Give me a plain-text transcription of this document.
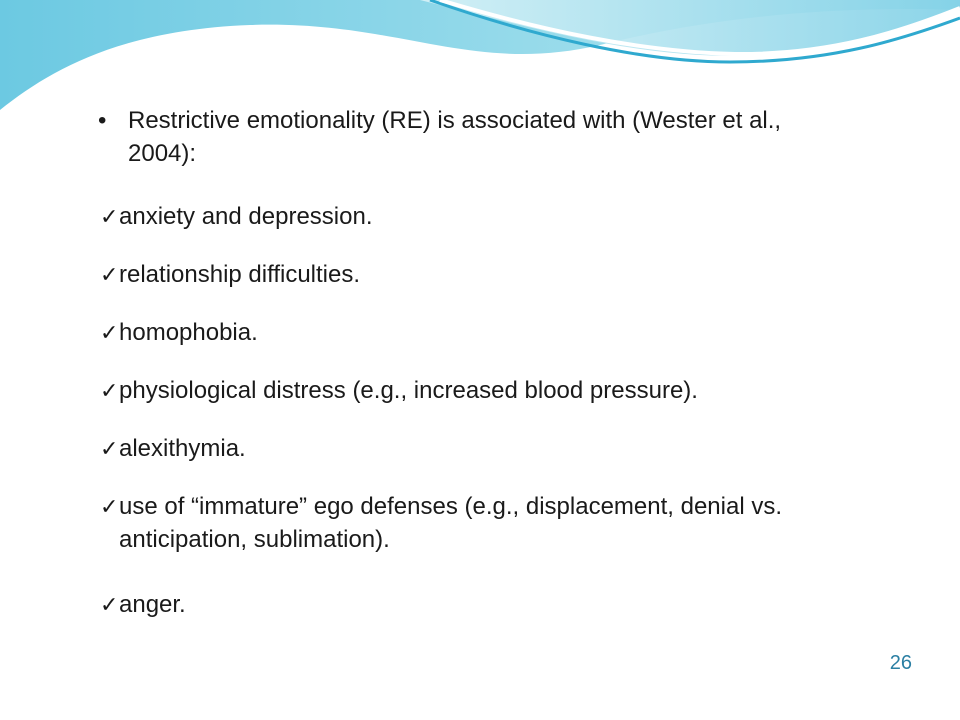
• Restrictive emotionality (RE) is associated with (Wester et al., 2004):
✓ anxiety and depression.
✓ relationship difficulties.
✓ homophobia.
✓ physiological distress (e.g., increased blood pressure).
✓ alexithymia.
✓ use of “immature” ego defenses (e.g., displacement, denial vs. anticipation, sublimation).
✓ anger.
26
